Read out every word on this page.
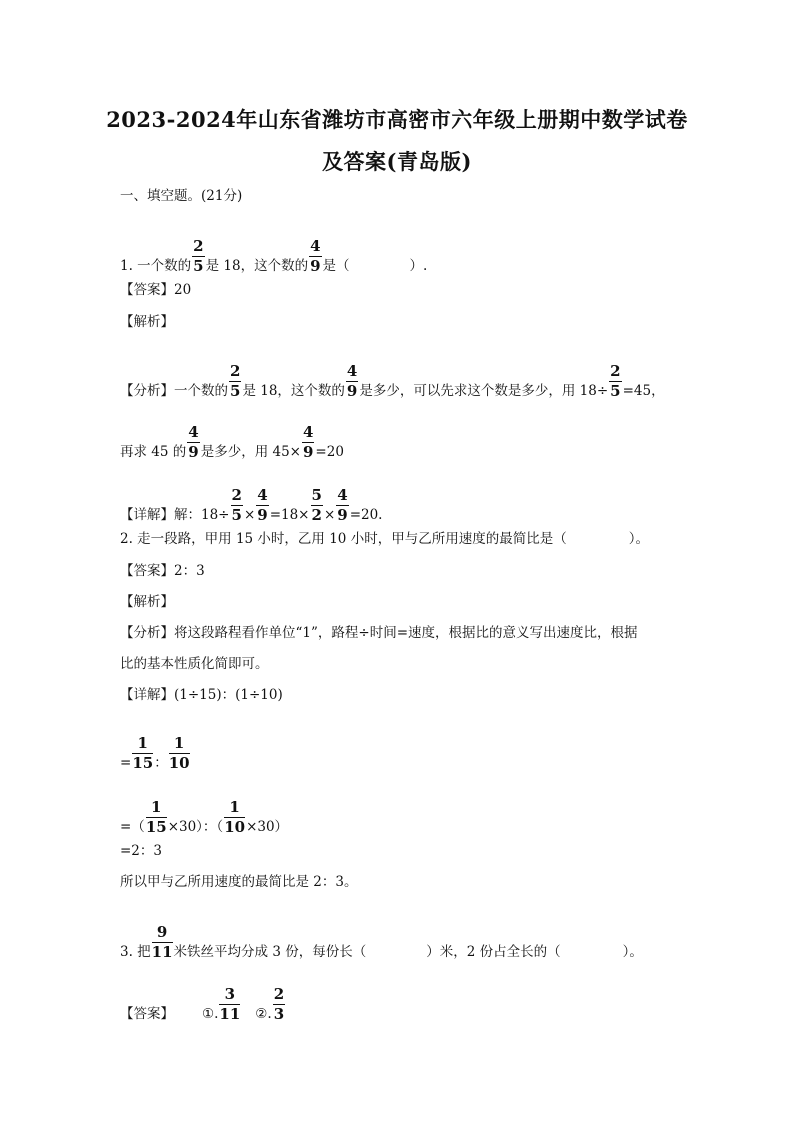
2023-2024年山东省潍坊市高密市六年级上册期中数学试卷
及答案(青岛版)
一、填空题。(21分)
1. 一个数的 $\frac{2}{5}$ 是 18，这个数的 $\frac{4}{9}$ 是（	）.
【答案】20
【解析】
【分析】一个数的 $\frac{2}{5}$ 是 18，这个数的 $\frac{4}{9}$ 是多少，可以先求这个数是多少，用 $18\div \frac{2}{5} =45$，
再求 45 的 $\frac{4}{9}$ 是多少，用 $45\times \frac{4}{9} =20$
【详解】解：$18\div \frac{2}{5} \times \frac{4}{9} =18\times \frac{5}{2} \times \frac{4}{9} =20$.
2. 走一段路，甲用 15 小时，乙用 10 小时，甲与乙所用速度的最简比是（	）。
【答案】2：3
【解析】
【分析】将这段路程看作单位“1”，路程÷时间=速度，根据比的意义写出速度比，根据
比的基本性质化简即可。
【详解】(1÷15)：(1÷10)
= $\frac{1}{15}$ ： $\frac{1}{10}$
=（ $\frac{1}{15} \times 30$）：（ $\frac{1}{10} \times 30$）
=2：3
所以甲与乙所用速度的最简比是 2：3。
3. 把 $\frac{9}{11}$ 米铁丝平均分成 3 份，每份长（	）米，2 份占全长的（	）。
【答案】 ①. $\frac{3}{11}$ ②. $\frac{2}{3}$
